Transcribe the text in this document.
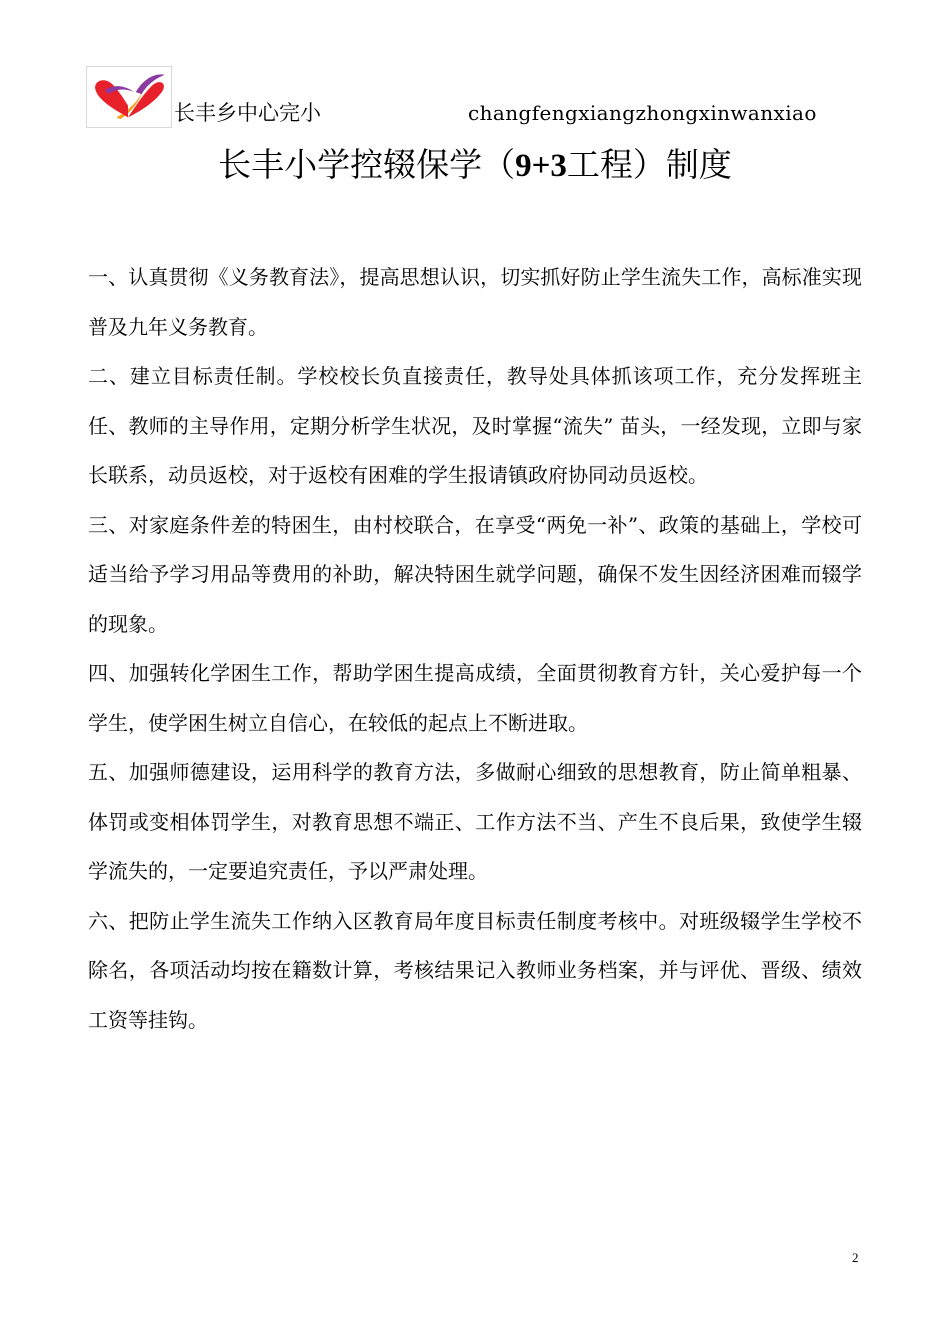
长丰乡中心完小	changfengxiangzhongxinwanxiao
长丰小学控辍保学（9+3工程）制度

一、认真贯彻《义务教育法》，提高思想认识，切实抓好防止学生流失工作，高标准实现普及九年义务教育。

二、建立目标责任制。学校校长负直接责任，教导处具体抓该项工作，充分发挥班主任、教师的主导作用，定期分析学生状况，及时掌握“流失” 苗头，一经发现，立即与家长联系，动员返校，对于返校有困难的学生报请镇政府协同动员返校。

三、对家庭条件差的特困生，由村校联合，在享受“两免一补”、政策的基础上，学校可适当给予学习用品等费用的补助，解决特困生就学问题，确保不发生因经济困难而辍学的现象。

四、加强转化学困生工作，帮助学困生提高成绩，全面贯彻教育方针，关心爱护每一个学生，使学困生树立自信心，在较低的起点上不断进取。

五、加强师德建设，运用科学的教育方法，多做耐心细致的思想教育，防止简单粗暴、体罚或变相体罚学生，对教育思想不端正、工作方法不当、产生不良后果，致使学生辍学流失的，一定要追究责任，予以严肃处理。

六、把防止学生流失工作纳入区教育局年度目标责任制度考核中。对班级辍学生学校不除名，各项活动均按在籍数计算，考核结果记入教师业务档案，并与评优、晋级、绩效工资等挂钩。

2
